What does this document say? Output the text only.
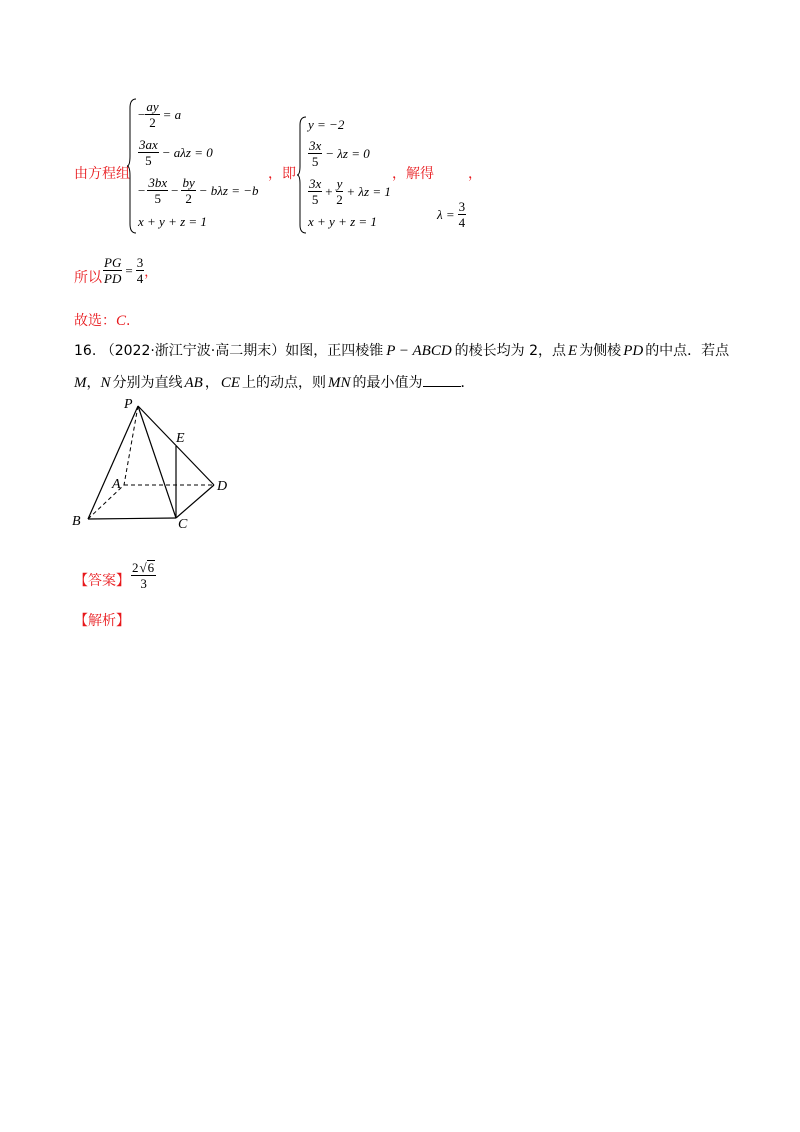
由方程组
− $\frac{ay}{2} = a$
$\frac{3ax}{5} - a\lambda z = 0$
− $\frac{3bx}{5} - \frac{by}{2} - b\lambda z = -b$
x + y + z = 1
，即
y = −2
$\frac{3x}{5} - \lambda z = 0$
$\frac{3x}{5} + \frac{y}{2} + \lambda z = 1$
x + y + z = 1
，解得 ，
$\lambda = \frac{3}{4}$
所以 $\frac{PG}{PD} = \frac{3}{4}$ ，
故选：C.
16. （2022·浙江宁波·高二期末）如图，正四棱锥 P − ABCD 的棱长均为 2，点 E 为侧棱 PD 的中点．若点
M，N 分别为直线 AB ， CE 上的动点，则 MN 的最小值为	．
P
E
A	D
B	C
【答案】 $\frac{2 √ 6}{3}$
【解析】
